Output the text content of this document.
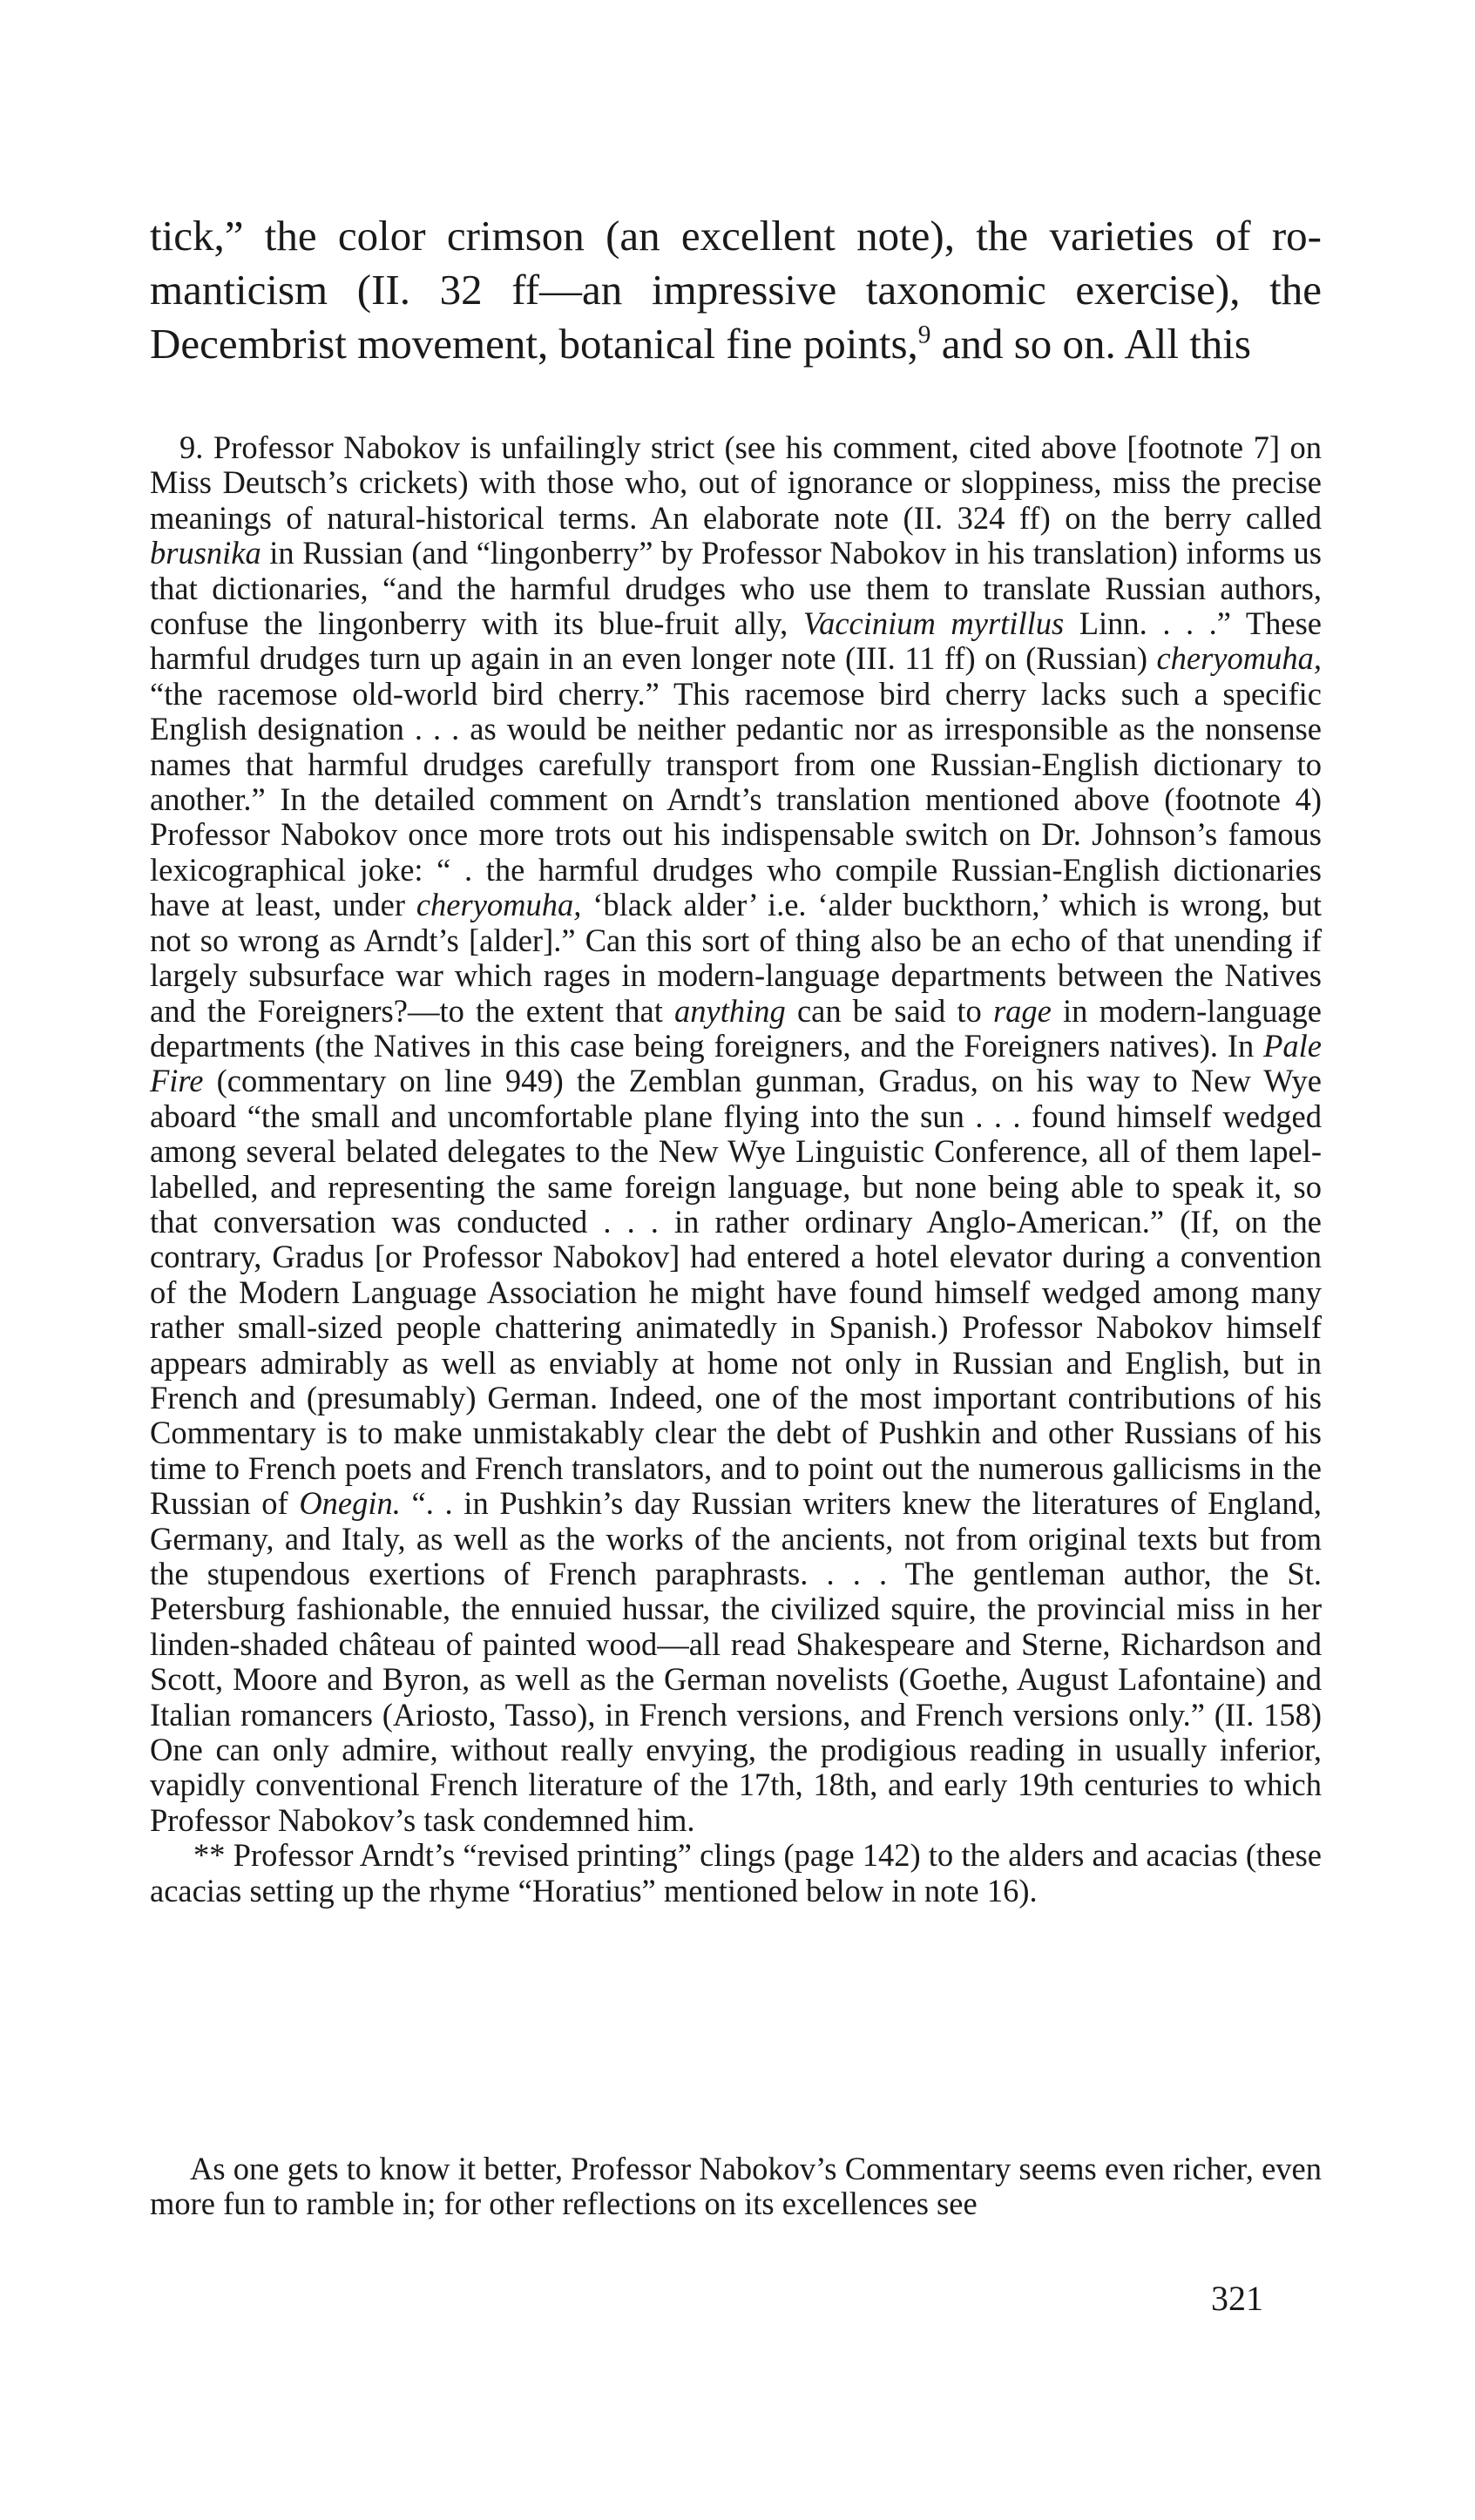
tick,” the color crimson (an excellent note), the varieties of romanticism (II. 32 ff—an impressive taxonomic exercise), the Decembrist movement, botanical fine points,$^9$ and so on. All this

9. Professor Nabokov is unfailingly strict (see his comment, cited above [footnote 7] on Miss Deutsch’s crickets) with those who, out of ignorance or sloppiness, miss the precise meanings of natural-historical terms. An elaborate note (II. 324 ff) on the berry called brusnika in Russian (and “lingonberry” by Professor Nabokov in his translation) informs us that dictionaries, “and the harmful drudges who use them to translate Russian authors, confuse the lingonberry with its blue-fruit ally, Vaccinium myrtillus Linn. . . .” These harmful drudges turn up again in an even longer note (III. 11 ff) on (Russian) cheryomuha, “the racemose old-world bird cherry.” This racemose bird cherry lacks such a specific English designation . . . as would be neither pedantic nor as irresponsible as the nonsense names that harmful drudges carefully transport from one Russian-English dictionary to another.” In the detailed comment on Arndt’s translation mentioned above (footnote 4) Professor Nabokov once more trots out his indispensable switch on Dr. Johnson’s famous lexicographical joke: “ . the harmful drudges who compile Russian-English dictionaries have at least, under cheryomuha, ‘black alder’ i.e. ‘alder buckthorn,’ which is wrong, but not so wrong as Arndt’s [alder].” Can this sort of thing also be an echo of that unending if largely subsurface war which rages in modern-language departments between the Natives and the Foreigners?—to the extent that anything can be said to rage in modern-language departments (the Natives in this case being foreigners, and the Foreigners natives). In Pale Fire (commentary on line 949) the Zemblan gunman, Gradus, on his way to New Wye aboard “the small and uncomfortable plane flying into the sun . . . found himself wedged among several belated delegates to the New Wye Linguistic Conference, all of them lapel-labelled, and representing the same foreign language, but none being able to speak it, so that conversation was conducted . . . in rather ordinary Anglo-American.” (If, on the contrary, Gradus [or Professor Nabokov] had entered a hotel elevator during a convention of the Modern Language Association he might have found himself wedged among many rather small-sized people chattering animatedly in Spanish.) Professor Nabokov himself appears admirably as well as enviably at home not only in Russian and English, but in French and (presumably) German. Indeed, one of the most important contributions of his Commentary is to make unmistakably clear the debt of Pushkin and other Russians of his time to French poets and French translators, and to point out the numerous gallicisms in the Russian of Onegin. “. . in Pushkin’s day Russian writers knew the literatures of England, Germany, and Italy, as well as the works of the ancients, not from original texts but from the stupendous exertions of French paraphrasts. . . . The gentleman author, the St. Petersburg fashionable, the ennuied hussar, the civilized squire, the provincial miss in her linden-shaded château of painted wood—all read Shakespeare and Sterne, Richardson and Scott, Moore and Byron, as well as the German novelists (Goethe, August Lafontaine) and Italian romancers (Ariosto, Tasso), in French versions, and French versions only.” (II. 158) One can only admire, without really envying, the prodigious reading in usually inferior, vapidly conventional French literature of the 17th, 18th, and early 19th centuries to which Professor Nabokov’s task condemned him.

** Professor Arndt’s “revised printing” clings (page 142) to the alders and acacias (these acacias setting up the rhyme “Horatius” mentioned below in note 16).

As one gets to know it better, Professor Nabokov’s Commentary seems even richer, even more fun to ramble in; for other reflections on its excellences see

321
